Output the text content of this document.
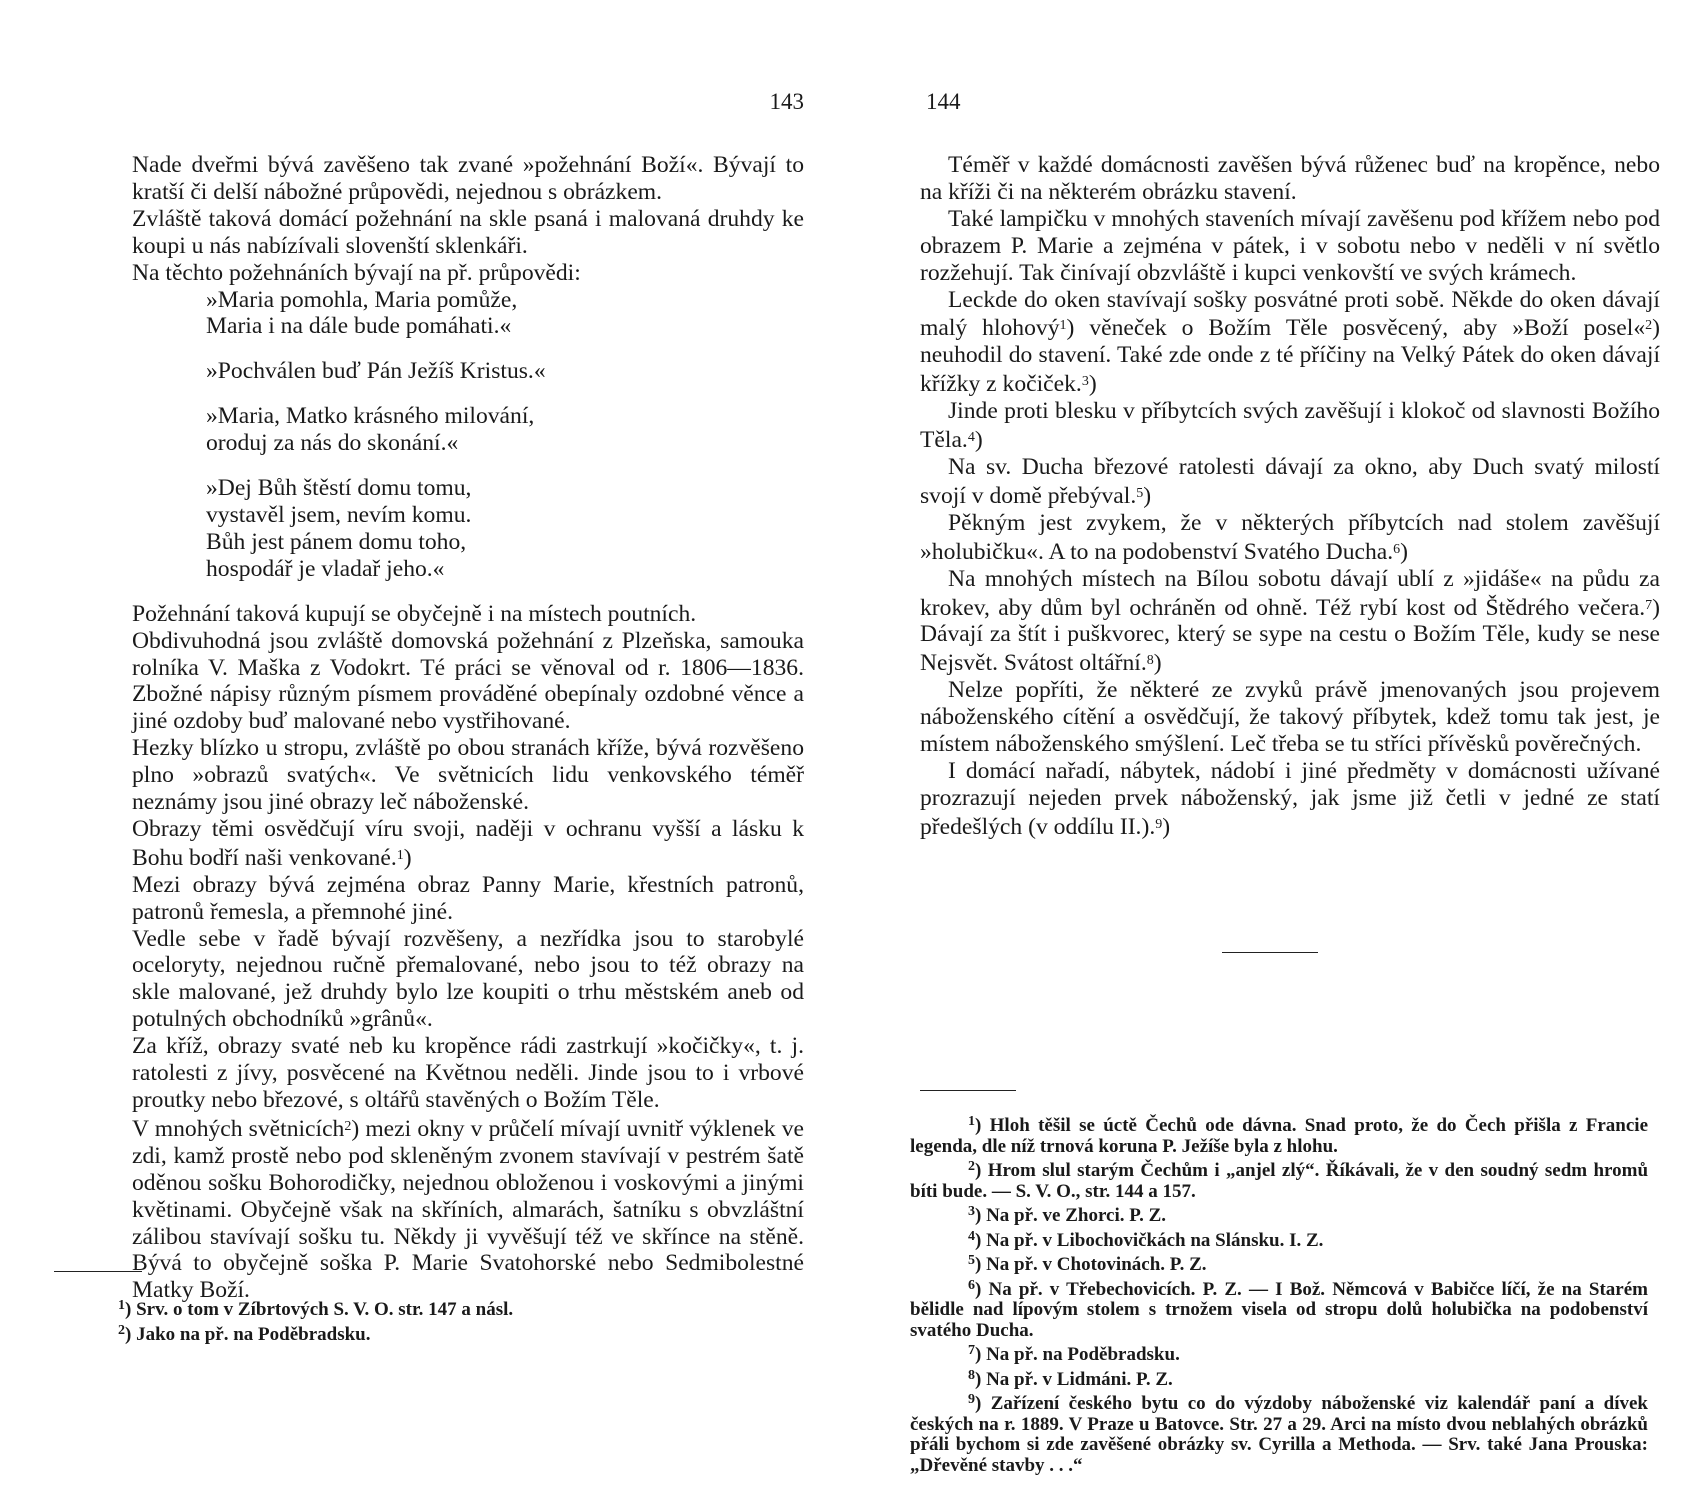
143

Nade dveřmi bývá zavěšeno tak zvané »požehnání Boží«. Bývají to kratší či delší nábožné průpovědi, nejednou s obrázkem.

Zvláště taková domácí požehnání na skle psaná i malovaná druhdy ke koupi u nás nabízívali slovenští sklenkáři.

Na těchto požehnáních bývají na př. průpovědi:

»Maria pomohla, Maria pomůže,
Maria i na dále bude pomáhati.«
»Pochválen buď Pán Ježíš Kristus.«
»Maria, Matko krásného milování,
oroduj za nás do skonání.«
»Dej Bůh štěstí domu tomu,
vystavěl jsem, nevím komu.
Bůh jest pánem domu toho,
hospodář je vladař jeho.«

Požehnání taková kupují se obyčejně i na místech poutních.

Obdivuhodná jsou zvláště domovská požehnání z Plzeňska, samouka rolníka V. Maška z Vodokrt. Té práci se věnoval od r. 1806—1836. Zbožné nápisy různým písmem prováděné obepínaly ozdobné věnce a jiné ozdoby buď malované nebo vystřihované.

Hezky blízko u stropu, zvláště po obou stranách kříže, bývá rozvěšeno plno »obrazů svatých«. Ve světnicích lidu venkovského téměř neznámy jsou jiné obrazy leč náboženské.

Obrazy těmi osvědčují víru svoji, naději v ochranu vyšší a lásku k Bohu bodří naši venkované.$^1$)

Mezi obrazy bývá zejména obraz Panny Marie, křestních patronů, patronů řemesla, a přemnohé jiné.

Vedle sebe v řadě bývají rozvěšeny, a nezřídka jsou to starobylé oceloryty, nejednou ručně přemalované, nebo jsou to též obrazy na skle malované, jež druhdy bylo lze koupiti o trhu městském aneb od potulných obchodníků »grânů«.

Za kříž, obrazy svaté neb ku kropěnce rádi zastrkují »kočičky«, t. j. ratolesti z jívy, posvěcené na Květnou neděli. Jinde jsou to i vrbové proutky nebo březové, s oltářů stavěných o Božím Těle.

V mnohých světnicích$^2$) mezi okny v průčelí mívají uvnitř výklenek ve zdi, kamž prostě nebo pod skleněným zvonem stavívají v pestrém šatě oděnou sošku Bohorodičky, nejednou obloženou i voskovými a jinými květinami. Obyčejně však na skříních, almarách, šatníku s obvzláštní zálibou stavívají sošku tu. Někdy ji vyvěšují též ve skřínce na stěně. Bývá to obyčejně soška P. Marie Svatohorské nebo Sedmibolestné Matky Boží.

$^1$) Srv. o tom v Zíbrtových S. V. O. str. 147 a násl.

$^2$) Jako na př. na Poděbradsku.

144

Téměř v každé domácnosti zavěšen bývá růženec buď na kropěnce, nebo na kříži či na některém obrázku stavení.

Také lampičku v mnohých staveních mívají zavěšenu pod křížem nebo pod obrazem P. Marie a zejména v pátek, i v sobotu nebo v neděli v ní světlo rozžehují. Tak činívají obzvláště i kupci venkovští ve svých krámech.

Leckde do oken stavívají sošky posvátné proti sobě. Někde do oken dávají malý hlohový$^1$) věneček o Božím Těle posvěcený, aby »Boží posel«$^2$) neuhodil do stavení. Také zde onde z té příčiny na Velký Pátek do oken dávají křížky z kočiček.$^3$)

Jinde proti blesku v příbytcích svých zavěšují i klokoč od slavnosti Božího Těla.$^4$)

Na sv. Ducha březové ratolesti dávají za okno, aby Duch svatý milostí svojí v domě přebýval.$^5$)

Pěkným jest zvykem, že v některých příbytcích nad stolem zavěšují »holubičku«. A to na podobenství Svatého Ducha.$^6$)

Na mnohých místech na Bílou sobotu dávají ublí z »jidáše« na půdu za krokev, aby dům byl ochráněn od ohně. Též rybí kost od Štědrého večera.$^7$) Dávají za štít i puškvorec, který se sype na cestu o Božím Těle, kudy se nese Nejsvět. Svátost oltářní.$^8$)

Nelze popříti, že některé ze zvyků právě jmenovaných jsou projevem náboženského cítění a osvědčují, že takový příbytek, kdež tomu tak jest, je místem náboženského smýšlení. Leč třeba se tu stříci přívěsků pověrečných.

I domácí nařadí, nábytek, nádobí i jiné předměty v domácnosti užívané prozrazují nejeden prvek náboženský, jak jsme již četli v jedné ze statí předešlých (v oddílu II.).$^9$)

$^1$) Hloh těšil se úctě Čechů ode dávna. Snad proto, že do Čech přišla z Francie legenda, dle níž trnová koruna P. Ježíše byla z hlohu.

$^2$) Hrom slul starým Čechům i „anjel zlý“. Říkávali, že v den soudný sedm hromů bíti bude. — S. V. O., str. 144 a 157.

$^3$) Na př. ve Zhorci. P. Z.

$^4$) Na př. v Libochovičkách na Slánsku. I. Z.

$^5$) Na př. v Chotovinách. P. Z.

$^6$) Na př. v Třebechovicích. P. Z. — I Bož. Němcová v Babičce líčí, že na Starém bělidle nad lípovým stolem s trnožem visela od stropu dolů holubička na podobenství svatého Ducha.

$^7$) Na př. na Poděbradsku.

$^8$) Na př. v Lidmáni. P. Z.

$^9$) Zařízení českého bytu co do výzdoby náboženské viz kalendář paní a dívek českých na r. 1889. V Praze u Batovce. Str. 27 a 29. Arci na místo dvou neblahých obrázků přáli bychom si zde zavěšené obrázky sv. Cyrilla a Methoda. — Srv. také Jana Prouska: „Dřevěné stavby . . .“
